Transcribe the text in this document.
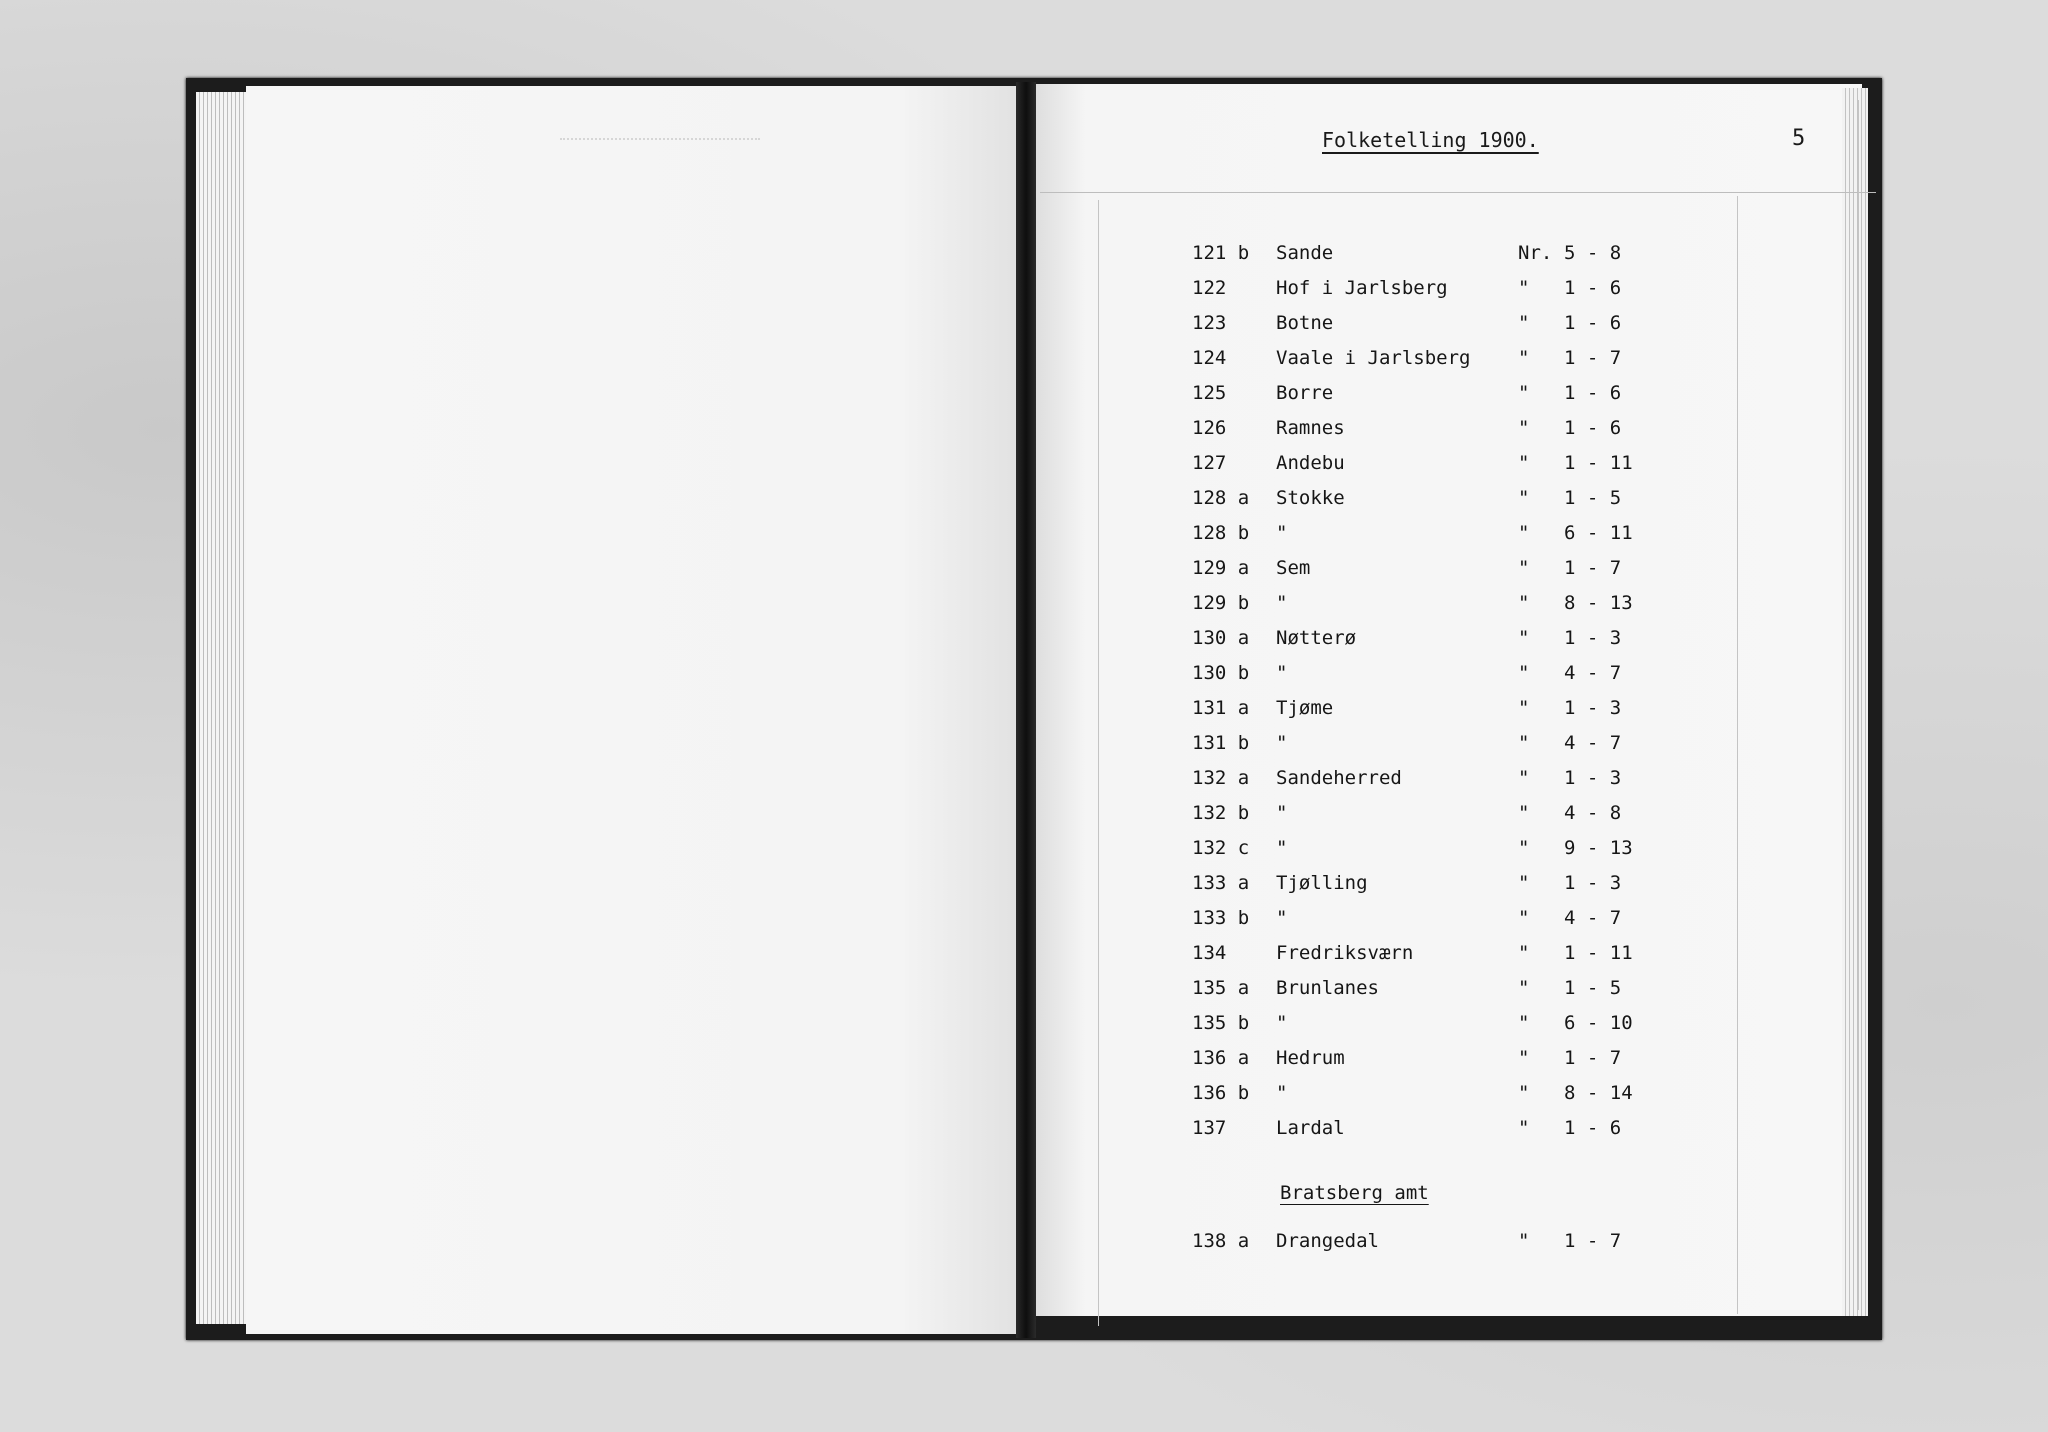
Folketelling 1900.	5
121 b Sande	Nr. 5 - 8
122	Hof i Jarlsberg	" 1 - 6
123	Botne	" 1 - 6
124	Vaale i Jarlsberg	" 1 - 7
125	Borre	" 1 - 6
126	Ramnes	" 1 - 6
127	Andebu	" 1 - 11
128 a Stokke	" 1 - 5
128 b "	" 6 - 11
129 a Sem	" 1 - 7
129 b "	" 8 - 13
130 a Nøtterø	" 1 - 3
130 b "	" 4 - 7
131 a Tjøme	" 1 - 3
131 b "	" 4 - 7
132 a Sandeherred	" 1 - 3
132 b "	" 4 - 8
132 c "	" 9 - 13
133 a Tjølling	" 1 - 3
133 b "	" 4 - 7
134	Fredriksværn	" 1 - 11
135 a Brunlanes	" 1 - 5
135 b "	" 6 - 10
136 a Hedrum	" 1 - 7
136 b "	" 8 - 14
137	Lardal	" 1 - 6
Bratsberg amt
138 a Drangedal	" 1 - 7
